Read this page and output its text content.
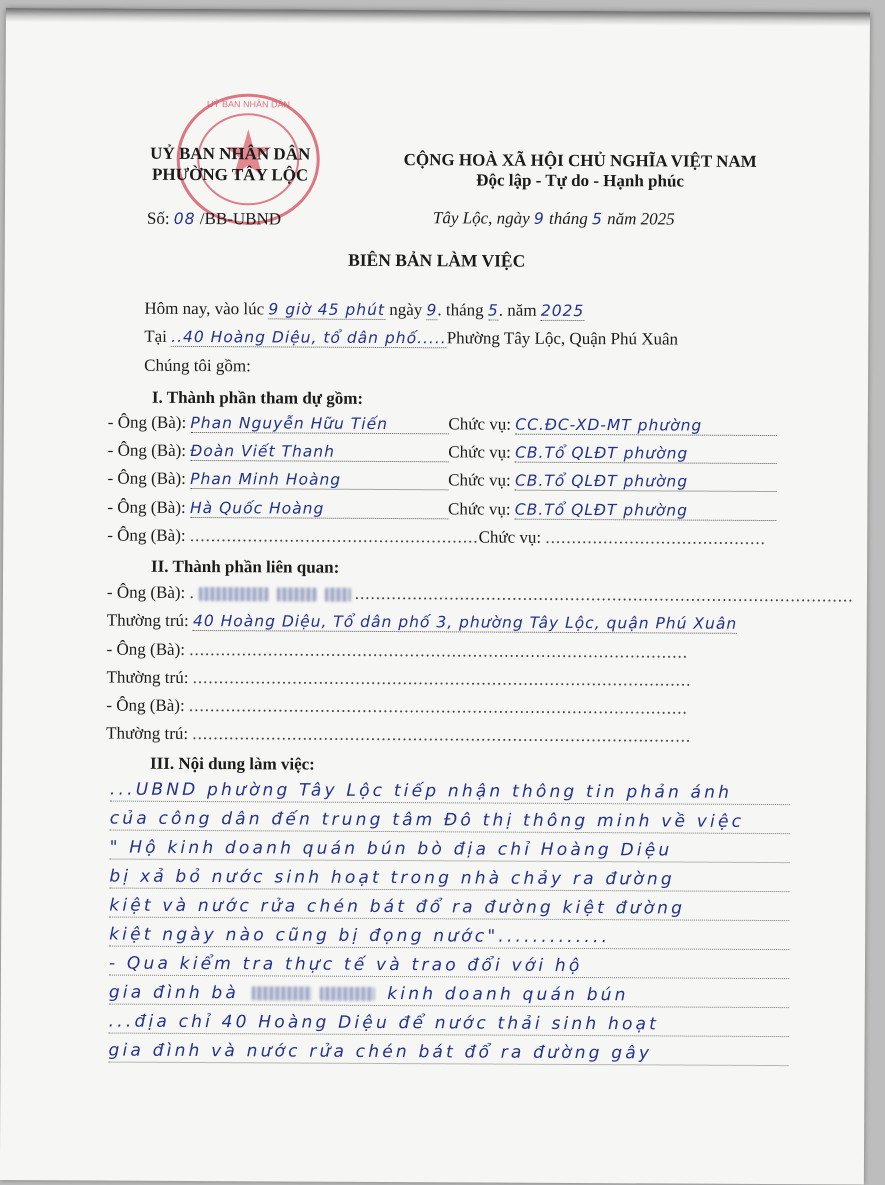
UỶ BAN NHÂN DÂN
UỶ BAN NHÂN DÂN
PHƯỜNG TÂY LỘC
Số: 08 /BB-UBND
CỘNG HOÀ XÃ HỘI CHỦ NGHĨA VIỆT NAM
Độc lập - Tự do - Hạnh phúc
Tây Lộc, ngày 9 tháng 5 năm 2025
BIÊN BẢN LÀM VIỆC
Hôm nay, vào lúc 9 giờ 45 phút ngày 9. tháng 5. năm 2025
Tại ..40 Hoàng Diệu, tổ dân phố.....Phường Tây Lộc, Quận Phú Xuân
Chúng tôi gồm:
I. Thành phần tham dự gồm:
- Ông (Bà): Phan Nguyễn Hữu Tiến	Chức vụ: CC.ĐC-XD-MT phường
- Ông (Bà): Đoàn Viết Thanh	Chức vụ: CB.Tổ QLĐT phường
- Ông (Bà): Phan Minh Hoàng	Chức vụ: CB.Tổ QLĐT phường
- Ông (Bà): Hà Quốc Hoàng	Chức vụ: CB.Tổ QLĐT phường
- Ông (Bà): .......................................................Chức vụ: ..........................................
II. Thành phần liên quan:
- Ông (Bà): .	...............................................................................................
Thường trú: 40 Hoàng Diệu, Tổ dân phố 3, phường Tây Lộc, quận Phú Xuân
- Ông (Bà): ...............................................................................................
Thường trú: ...............................................................................................
- Ông (Bà): ...............................................................................................
Thường trú: ...............................................................................................
III. Nội dung làm việc:
...UBND phường Tây Lộc tiếp nhận thông tin phản ánh
của công dân đến trung tâm Đô thị thông minh về việc
" Hộ kinh doanh quán bún bò địa chỉ Hoàng Diệu
bị xả bỏ nước sinh hoạt trong nhà chảy ra đường
kiệt và nước rửa chén bát đổ ra đường kiệt đường
kiệt ngày nào cũng bị đọng nước".............
- Qua kiểm tra thực tế và trao đổi với hộ
gia đình bà	kinh doanh quán bún
...địa chỉ 40 Hoàng Diệu để nước thải sinh hoạt
gia đình và nước rửa chén bát đổ ra đường gây
